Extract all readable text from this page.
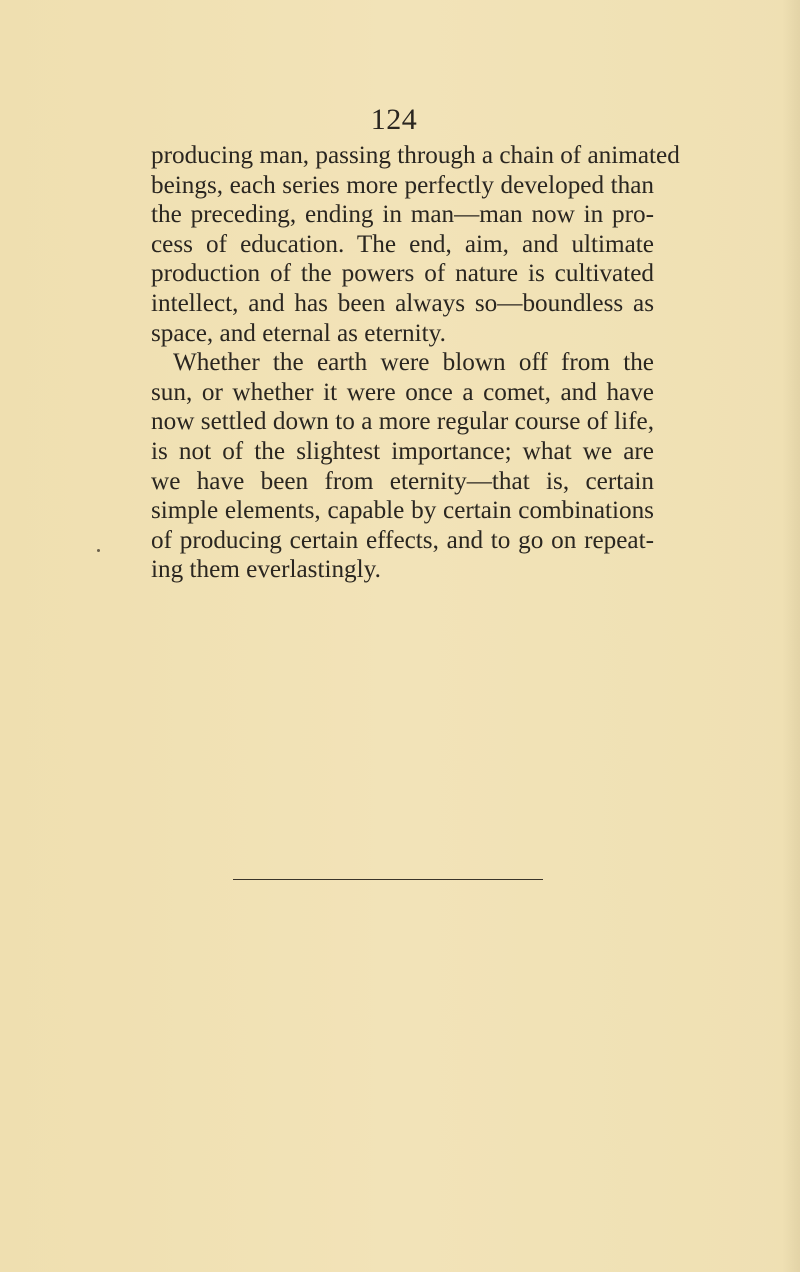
124
producing man, passing through a chain of animated
beings, each series more perfectly developed than
the preceding, ending in man—man now in pro-
cess of education. The end, aim, and ultimate
production of the powers of nature is cultivated
intellect, and has been always so—boundless as
space, and eternal as eternity.
Whether the earth were blown off from the
sun, or whether it were once a comet, and have
now settled down to a more regular course of life,
is not of the slightest importance; what we are
we have been from eternity—that is, certain
simple elements, capable by certain combinations
of producing certain effects, and to go on repeat-
ing them everlastingly.
